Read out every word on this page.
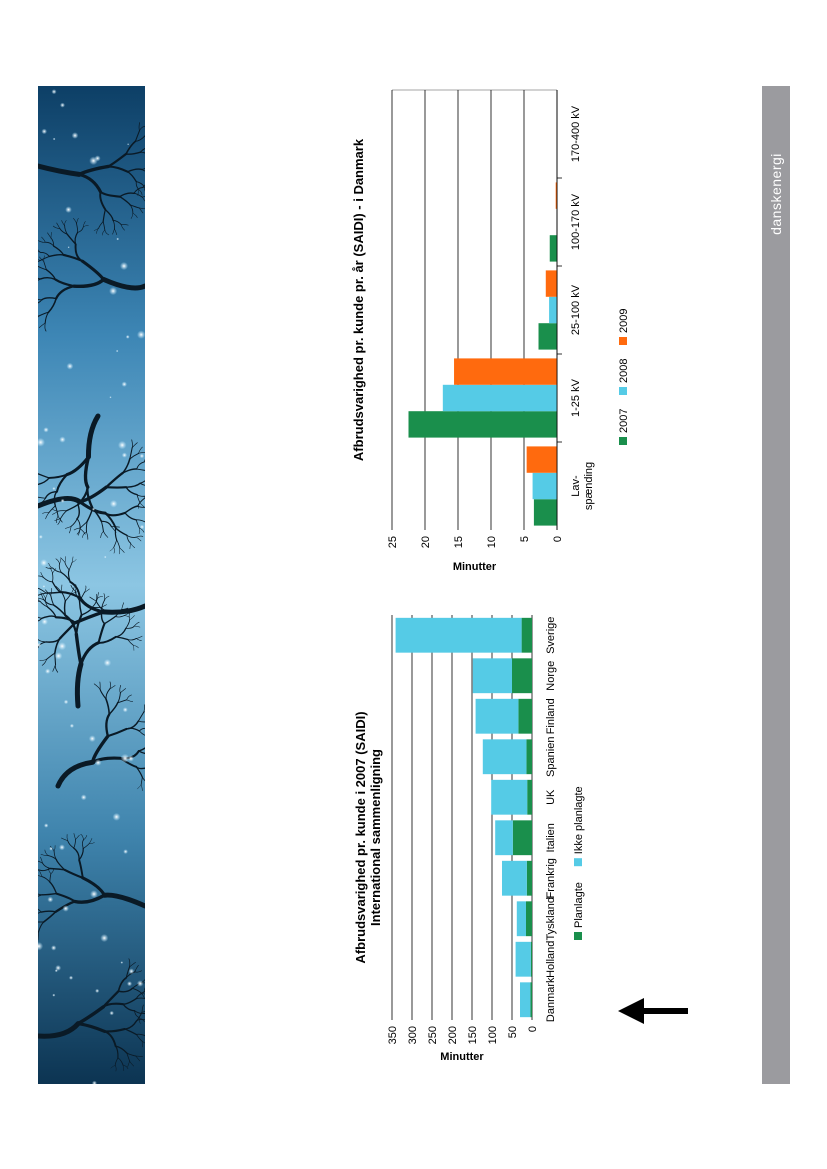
Afbrudsvarighed pr. kunde i 2007 (SAIDI) International sammenligning
0
50
100
150
200
250
300
350
Minutter
Danmark
Holland
Tyskland
Frankrig
Italien
UK
Spanien
Finland
Norge
Sverige
Planlagte
Ikke planlagte
Afbrudsvarighed pr. kunde pr. år (SAIDI) - i Danmark
0
5
10
15
20
25
Minutter
Lav- spænding
1-25 kV
25-100 kV
100-170 kV
170-400 kV
2007
2008
2009
danskenergi
